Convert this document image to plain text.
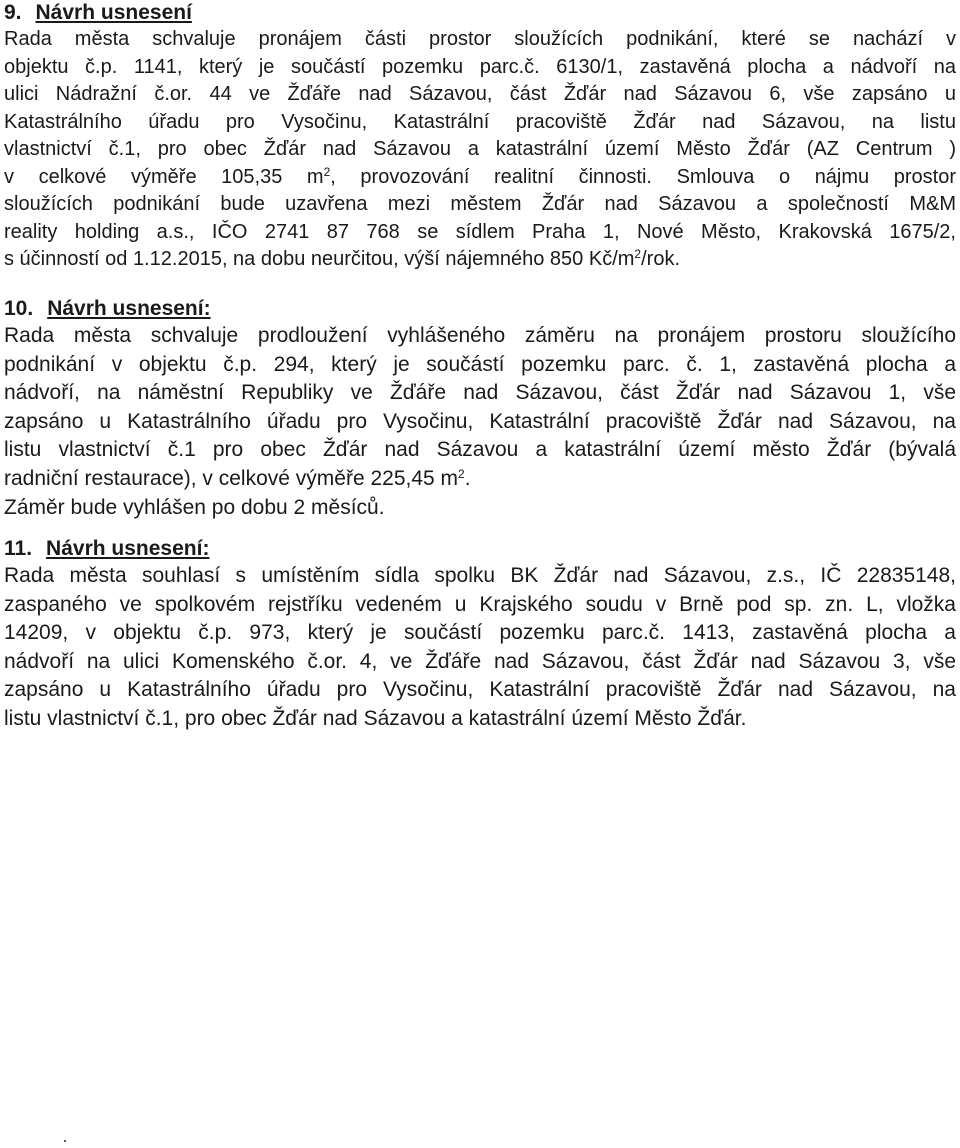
9. Návrh usnesení

Rada města schvaluje pronájem části prostor sloužících podnikání, které se nachází v
objektu č.p. 1141, který je součástí pozemku parc.č. 6130/1, zastavěná plocha a nádvoří na
ulici Nádražní č.or. 44 ve Žďáře nad Sázavou, část Žďár nad Sázavou 6, vše zapsáno u
Katastrálního úřadu pro Vysočinu, Katastrální pracoviště Žďár nad Sázavou, na listu
vlastnictví č.1, pro obec Žďár nad Sázavou a katastrální území Město Žďár (AZ Centrum )
v celkové výměře 105,35 $m^2$, provozování realitní činnosti. Smlouva o nájmu prostor
sloužících podnikání bude uzavřena mezi městem Žďár nad Sázavou a společností M&M
reality holding a.s., IČO 2741 87 768 se sídlem Praha 1, Nové Město, Krakovská 1675/2,
s účinností od 1.12.2015, na dobu neurčitou, výší nájemného 850 $Kč/m^2$/rok.

10. Návrh usnesení:

Rada města schvaluje prodloužení vyhlášeného záměru na pronájem prostoru sloužícího
podnikání v objektu č.p. 294, který je součástí pozemku parc. č. 1, zastavěná plocha a
nádvoří, na náměstní Republiky ve Žďáře nad Sázavou, část Žďár nad Sázavou 1, vše
zapsáno u Katastrálního úřadu pro Vysočinu, Katastrální pracoviště Žďár nad Sázavou, na
listu vlastnictví č.1 pro obec Žďár nad Sázavou a katastrální území město Žďár (bývalá
radniční restaurace), v celkové výměře 225,45 $m^2$.
Záměr bude vyhlášen po dobu 2 měsíců.

11. Návrh usnesení:

Rada města souhlasí s umístěním sídla spolku BK Žďár nad Sázavou, z.s., IČ 22835148,
zaspaného ve spolkovém rejstříku vedeném u Krajského soudu v Brně pod sp. zn. L, vložka
14209, v objektu č.p. 973, který je součástí pozemku parc.č. 1413, zastavěná plocha a
nádvoří na ulici Komenského č.or. 4, ve Žďáře nad Sázavou, část Žďár nad Sázavou 3, vše
zapsáno u Katastrálního úřadu pro Vysočinu, Katastrální pracoviště Žďár nad Sázavou, na
listu vlastnictví č.1, pro obec Žďár nad Sázavou a katastrální území Město Žďár.
